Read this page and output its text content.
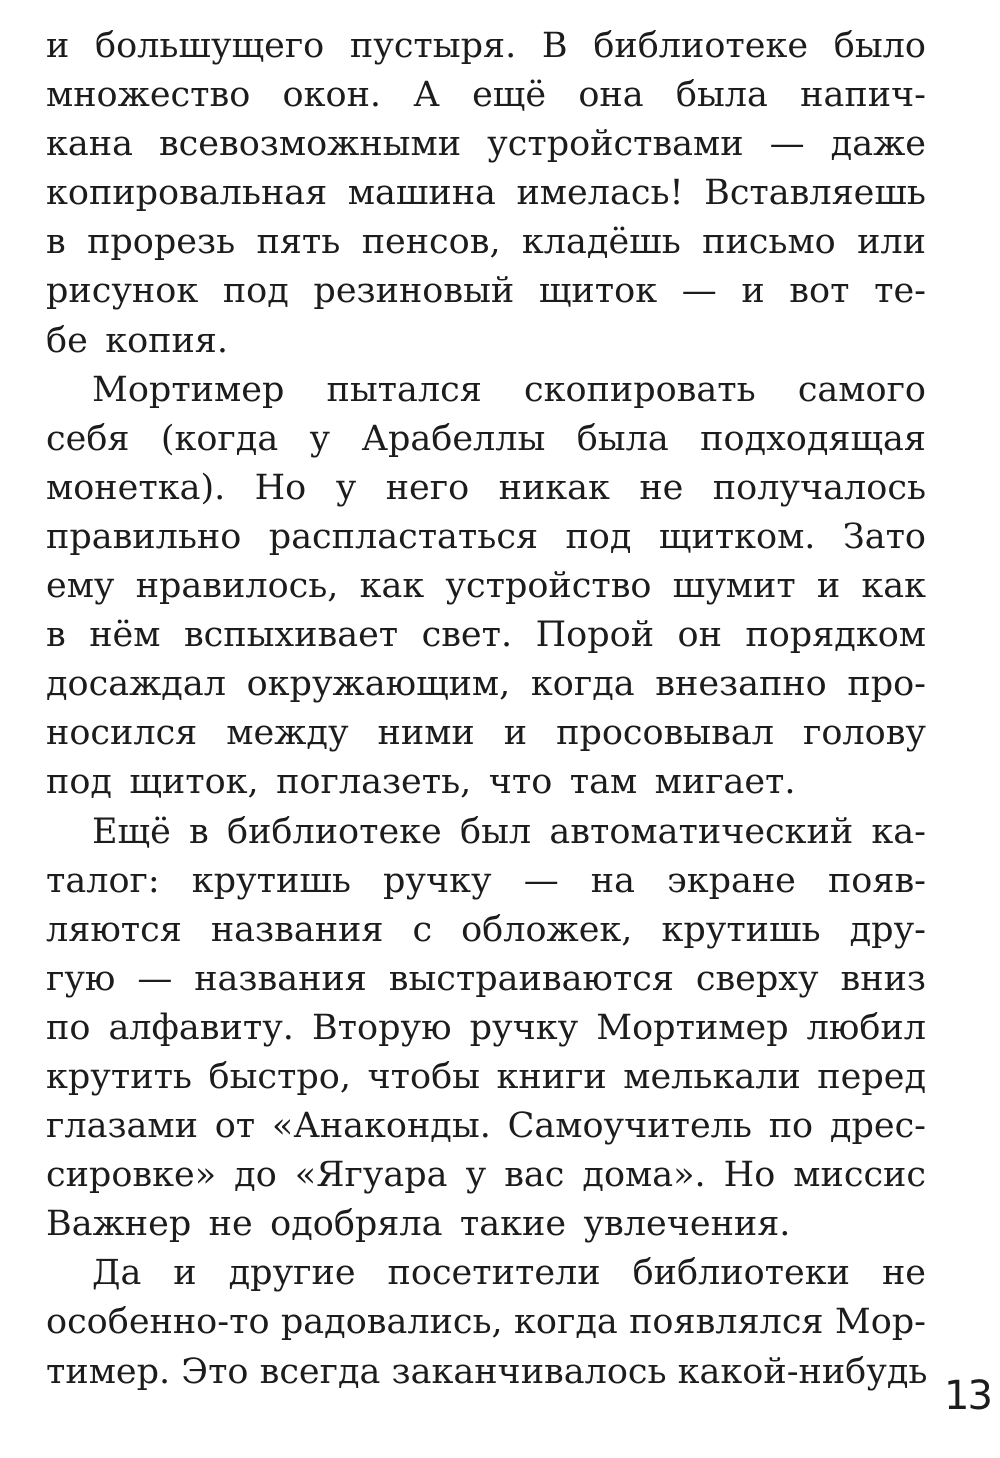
и большущего пустыря. В библиотеке было
множество окон. А ещё она была напич-
кана всевозможными устройствами — даже
копировальная машина имелась! Вставляешь
в прорезь пять пенсов, кладёшь письмо или
рисунок под резиновый щиток — и вот те-
бе копия.
Мортимер пытался скопировать самого
себя (когда у Арабеллы была подходящая
монетка). Но у него никак не получалось
правильно распластаться под щитком. Зато
ему нравилось, как устройство шумит и как
в нём вспыхивает свет. Порой он порядком
досаждал окружающим, когда внезапно про-
носился между ними и просовывал голову
под щиток, поглазеть, что там мигает.
Ещё в библиотеке был автоматический ка-
талог: крутишь ручку — на экране появ-
ляются названия с обложек, крутишь дру-
гую — названия выстраиваются сверху вниз
по алфавиту. Вторую ручку Мортимер любил
крутить быстро, чтобы книги мелькали перед
глазами от «Анаконды. Самоучитель по дрес-
сировке» до «Ягуара у вас дома». Но миссис
Важнер не одобряла такие увлечения.
Да и другие посетители библиотеки не
особенно-то радовались, когда появлялся Мор-
тимер. Это всегда заканчивалось какой-нибудь
13
